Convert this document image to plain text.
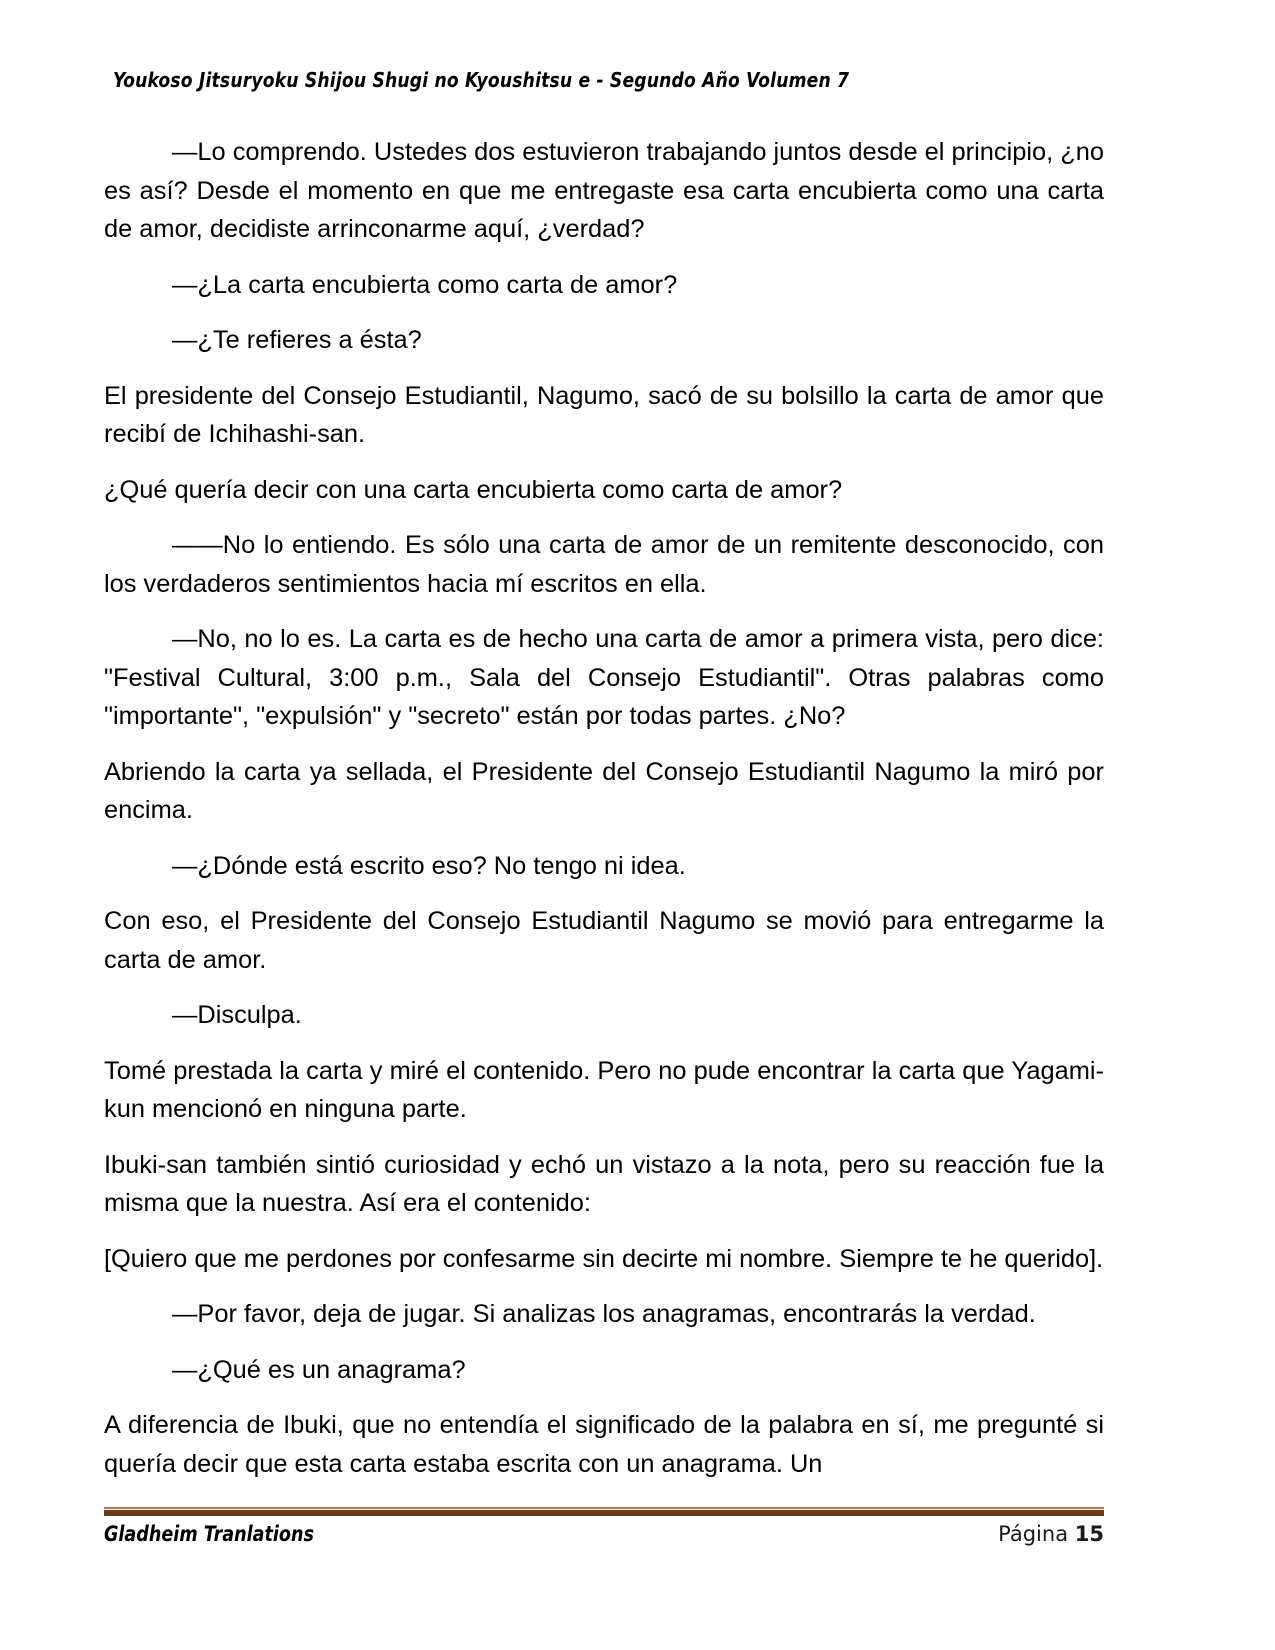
Youkoso Jitsuryoku Shijou Shugi no Kyoushitsu e - Segundo Año Volumen 7

—Lo comprendo. Ustedes dos estuvieron trabajando juntos desde el principio, ¿no es así? Desde el momento en que me entregaste esa carta encubierta como una carta de amor, decidiste arrinconarme aquí, ¿verdad?

—¿La carta encubierta como carta de amor?

—¿Te refieres a ésta?

El presidente del Consejo Estudiantil, Nagumo, sacó de su bolsillo la carta de amor que recibí de Ichihashi-san.

¿Qué quería decir con una carta encubierta como carta de amor?

——No lo entiendo. Es sólo una carta de amor de un remitente desconocido, con los verdaderos sentimientos hacia mí escritos en ella.

—No, no lo es. La carta es de hecho una carta de amor a primera vista, pero dice: "Festival Cultural, 3:00 p.m., Sala del Consejo Estudiantil". Otras palabras como "importante", "expulsión" y "secreto" están por todas partes. ¿No?

Abriendo la carta ya sellada, el Presidente del Consejo Estudiantil Nagumo la miró por encima.

—¿Dónde está escrito eso? No tengo ni idea.

Con eso, el Presidente del Consejo Estudiantil Nagumo se movió para entregarme la carta de amor.

—Disculpa.

Tomé prestada la carta y miré el contenido. Pero no pude encontrar la carta que Yagami-kun mencionó en ninguna parte.

Ibuki-san también sintió curiosidad y echó un vistazo a la nota, pero su reacción fue la misma que la nuestra. Así era el contenido:

[Quiero que me perdones por confesarme sin decirte mi nombre. Siempre te he querido].

—Por favor, deja de jugar. Si analizas los anagramas, encontrarás la verdad.

—¿Qué es un anagrama?

A diferencia de Ibuki, que no entendía el significado de la palabra en sí, me pregunté si quería decir que esta carta estaba escrita con un anagrama. Un

Gladheim Tranlations	Página 15
